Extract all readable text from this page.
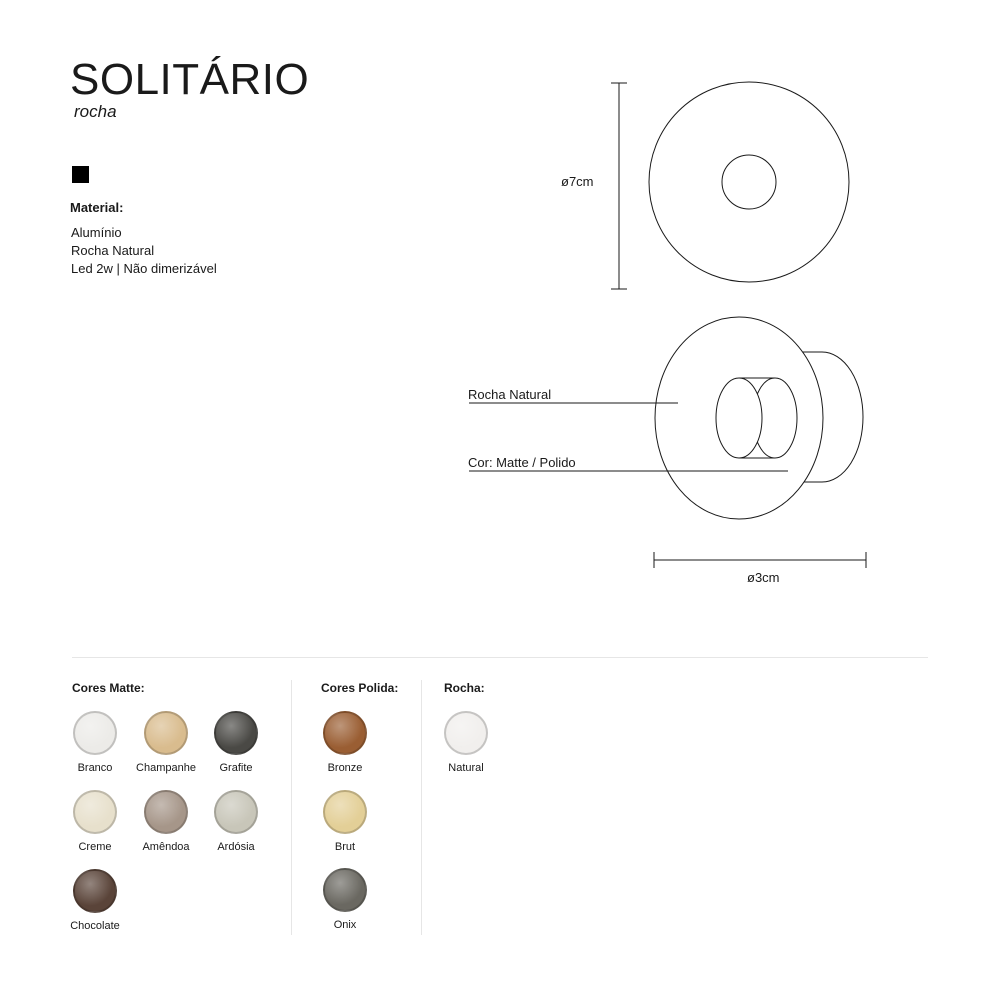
SOLITÁRIO
rocha
Material:
Alumínio
Rocha Natural
Led 2w | Não dimerizável
ø7cm
ø3cm
Rocha Natural
Cor: Matte / Polido
Cores Matte:
Branco	Champanhe	Grafite
Creme	Amêndoa	Ardósia
Chocolate
Cores Polida:
Bronze
Brut
Onix
Rocha:
Natural
